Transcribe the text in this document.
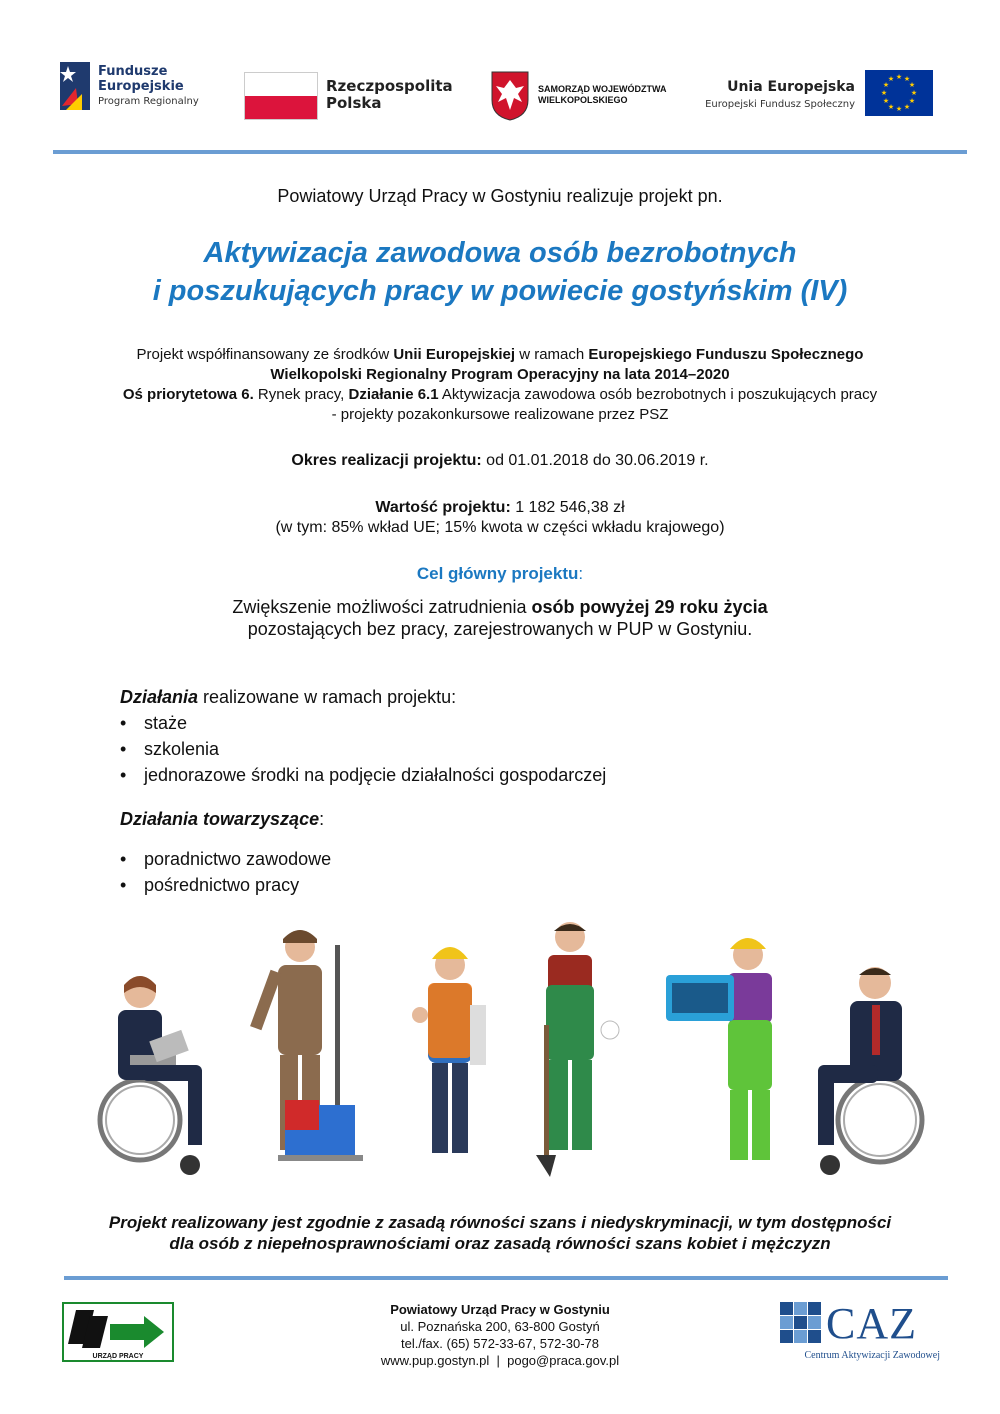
Fundusze
Europejskie
Program Regionalny
Rzeczpospolita
Polska
SAMORZĄD WOJEWÓDZTWA
WIELKOPOLSKIEGO
Unia Europejska
Europejski Fundusz Społeczny
★ ★
★
★
★
★
★
★
★
★
★
★
Powiatowy Urząd Pracy w Gostyniu realizuje projekt pn.
Aktywizacja zawodowa osób bezrobotnych
i poszukujących pracy w powiecie gostyńskim (IV)
Projekt współfinansowany ze środków Unii Europejskiej w ramach Europejskiego Funduszu Społecznego
Wielkopolski Regionalny Program Operacyjny na lata 2014–2020
Oś priorytetowa 6. Rynek pracy, Działanie 6.1 Aktywizacja zawodowa osób bezrobotnych i poszukujących pracy
- projekty pozakonkursowe realizowane przez PSZ
Okres realizacji projektu: od 01.01.2018 do 30.06.2019 r.
Wartość projektu: 1 182 546,38 zł
(w tym: 85% wkład UE; 15% kwota w części wkładu krajowego)
Cel główny projektu:
Zwiększenie możliwości zatrudnienia osób powyżej 29 roku życia
pozostających bez pracy, zarejestrowanych w PUP w Gostyniu.
Działania realizowane w ramach projektu:
• staże
• szkolenia
• jednorazowe środki na podjęcie działalności gospodarczej
Działania towarzyszące:
• poradnictwo zawodowe
• pośrednictwo pracy
Projekt realizowany jest zgodnie z zasadą równości szans i niedyskryminacji, w tym dostępności
dla osób z niepełnosprawnościami oraz zasadą równości szans kobiet i mężczyzn
URZĄD PRACY
Powiatowy Urząd Pracy w Gostyniu
ul. Poznańska 200, 63-800 Gostyń
tel./fax. (65) 572-33-67, 572-30-78
www.pup.gostyn.pl  |  pogo@praca.gov.pl
CAZ
Centrum Aktywizacji Zawodowej
